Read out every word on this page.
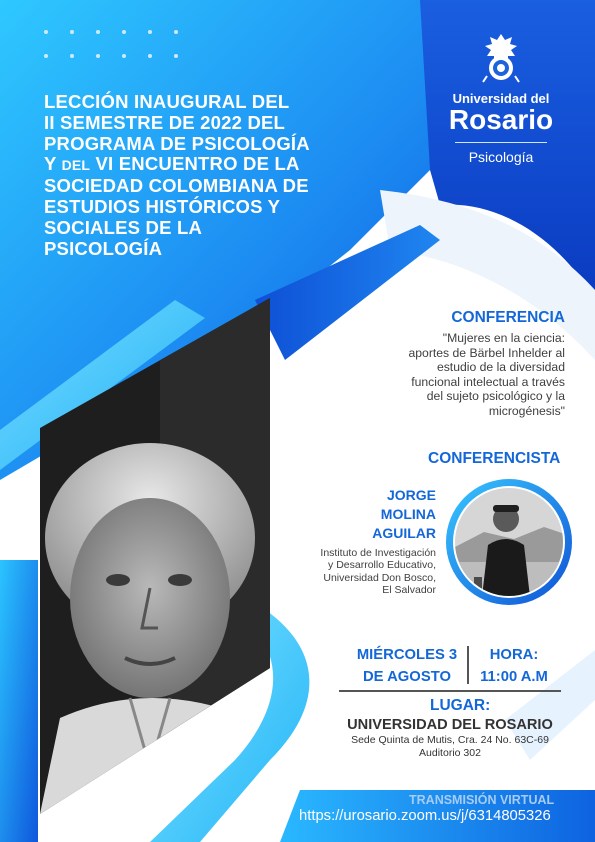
LECCIÓN INAUGURAL DEL
II SEMESTRE DE 2022 DEL
PROGRAMA DE PSICOLOGÍA
Y DEL VI ENCUENTRO DE LA
SOCIEDAD COLOMBIANA DE
ESTUDIOS HISTÓRICOS Y
SOCIALES DE LA
PSICOLOGÍA
Universidad del
Rosario
Psicología
CONFERENCIA
"Mujeres en la ciencia:
aportes de Bärbel Inhelder al
estudio de la diversidad
funcional intelectual a través
del sujeto psicológico y la
microgénesis"
CONFERENCISTA
JORGE
MOLINA
AGUILAR
Instituto de Investigación
y Desarrollo Educativo,
Universidad Don Bosco,
El Salvador
MIÉRCOLES 3
DE AGOSTO
HORA:
11:00 A.M
LUGAR:
UNIVERSIDAD DEL ROSARIO
Sede Quinta de Mutis, Cra. 24 No. 63C-69
Auditorio 302
TRANSMISIÓN VIRTUAL
https://urosario.zoom.us/j/6314805326
